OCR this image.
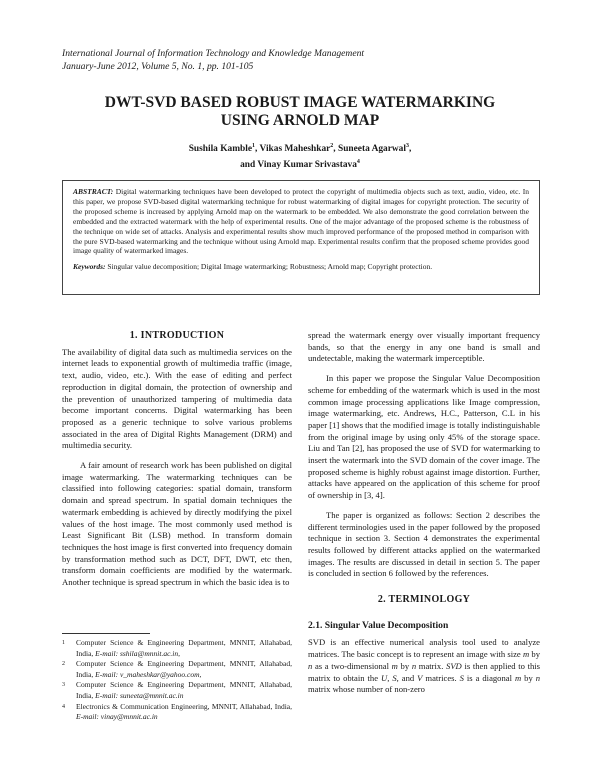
International Journal of Information Technology and Knowledge Management
January-June 2012, Volume 5, No. 1, pp. 101-105
DWT-SVD BASED ROBUST IMAGE WATERMARKING
USING ARNOLD MAP
Sushila Kamble$^1$, Vikas Maheshkar$^2$, Suneeta Agarwal$^3$,
and Vinay Kumar Srivastava$^4$
ABSTRACT: Digital watermarking techniques have been developed to protect the copyright of multimedia objects such as text, audio, video, etc. In this paper, we propose SVD-based digital watermarking technique for robust watermarking of digital images for copyright protection. The security of the proposed scheme is increased by applying Arnold map on the watermark to be embedded. We also demonstrate the good correlation between the embedded and the extracted watermark with the help of experimental results. One of the major advantage of the proposed scheme is the robustness of the technique on wide set of attacks. Analysis and experimental results show much improved performance of the proposed method in comparison with the pure SVD-based watermarking and the technique without using Arnold map. Experimental results confirm that the proposed scheme provides good image quality of watermarked images.
Keywords: Singular value decomposition; Digital Image watermarking; Robustness; Arnold map; Copyright protection.
1. INTRODUCTION

The availability of digital data such as multimedia services on the internet leads to exponential growth of multimedia traffic (image, text, audio, video, etc.). With the ease of editing and perfect reproduction in digital domain, the protection of ownership and the prevention of unauthorized tampering of multimedia data become important concerns. Digital watermarking has been proposed as a generic technique to solve various problems associated in the area of Digital Rights Management (DRM) and multimedia security.

A fair amount of research work has been published on digital image watermarking. The watermarking techniques can be classified into following categories: spatial domain, transform domain and spread spectrum. In spatial domain techniques the watermark embedding is achieved by directly modifying the pixel values of the host image. The most commonly used method is Least Significant Bit (LSB) method. In transform domain techniques the host image is first converted into frequency domain by transformation method such as DCT, DFT, DWT, etc then, transform domain coefficients are modified by the watermark. Another technique is spread spectrum in which the basic idea is to

spread the watermark energy over visually important frequency bands, so that the energy in any one band is small and undetectable, making the watermark imperceptible.

In this paper we propose the Singular Value Decomposition scheme for embedding of the watermark which is used in the most common image processing applications like Image compression, image watermarking, etc. Andrews, H.C., Patterson, C.L in his paper [1] shows that the modified image is totally indistinguishable from the original image by using only 45% of the storage space. Liu and Tan [2], has proposed the use of SVD for watermarking to insert the watermark into the SVD domain of the cover image. The proposed scheme is highly robust against image distortion. Further, attacks have appeared on the application of this scheme for proof of ownership in [3, 4].

The paper is organized as follows: Section 2 describes the different terminologies used in the paper followed by the proposed technique in section 3. Section 4 demonstrates the experimental results followed by different attacks applied on the watermarked images. The results are discussed in detail in section 5. The paper is concluded in section 6 followed by the references.

2. TERMINOLOGY
2.1. Singular Value Decomposition

SVD is an effective numerical analysis tool used to analyze matrices. The basic concept is to represent an image with size m by n as a two-dimensional m by n matrix. SVD is then applied to this matrix to obtain the U, S, and V matrices. S is a diagonal m by n matrix whose number of non-zero

1	Computer Science & Engineering Department, MNNIT, Allahabad, India, E-mail: sshila@mnnit.ac.in,
2	Computer Science & Engineering Department, MNNIT, Allahabad, India, E-mail: v_maheshkar@yahoo.com,
3	Computer Science & Engineering Department, MNNIT, Allahabad, India, E-mail: suneeta@mnnit.ac.in
4	Electronics & Communication Engineering, MNNIT, Allahabad, India, E-mail: vinay@mnnit.ac.in
